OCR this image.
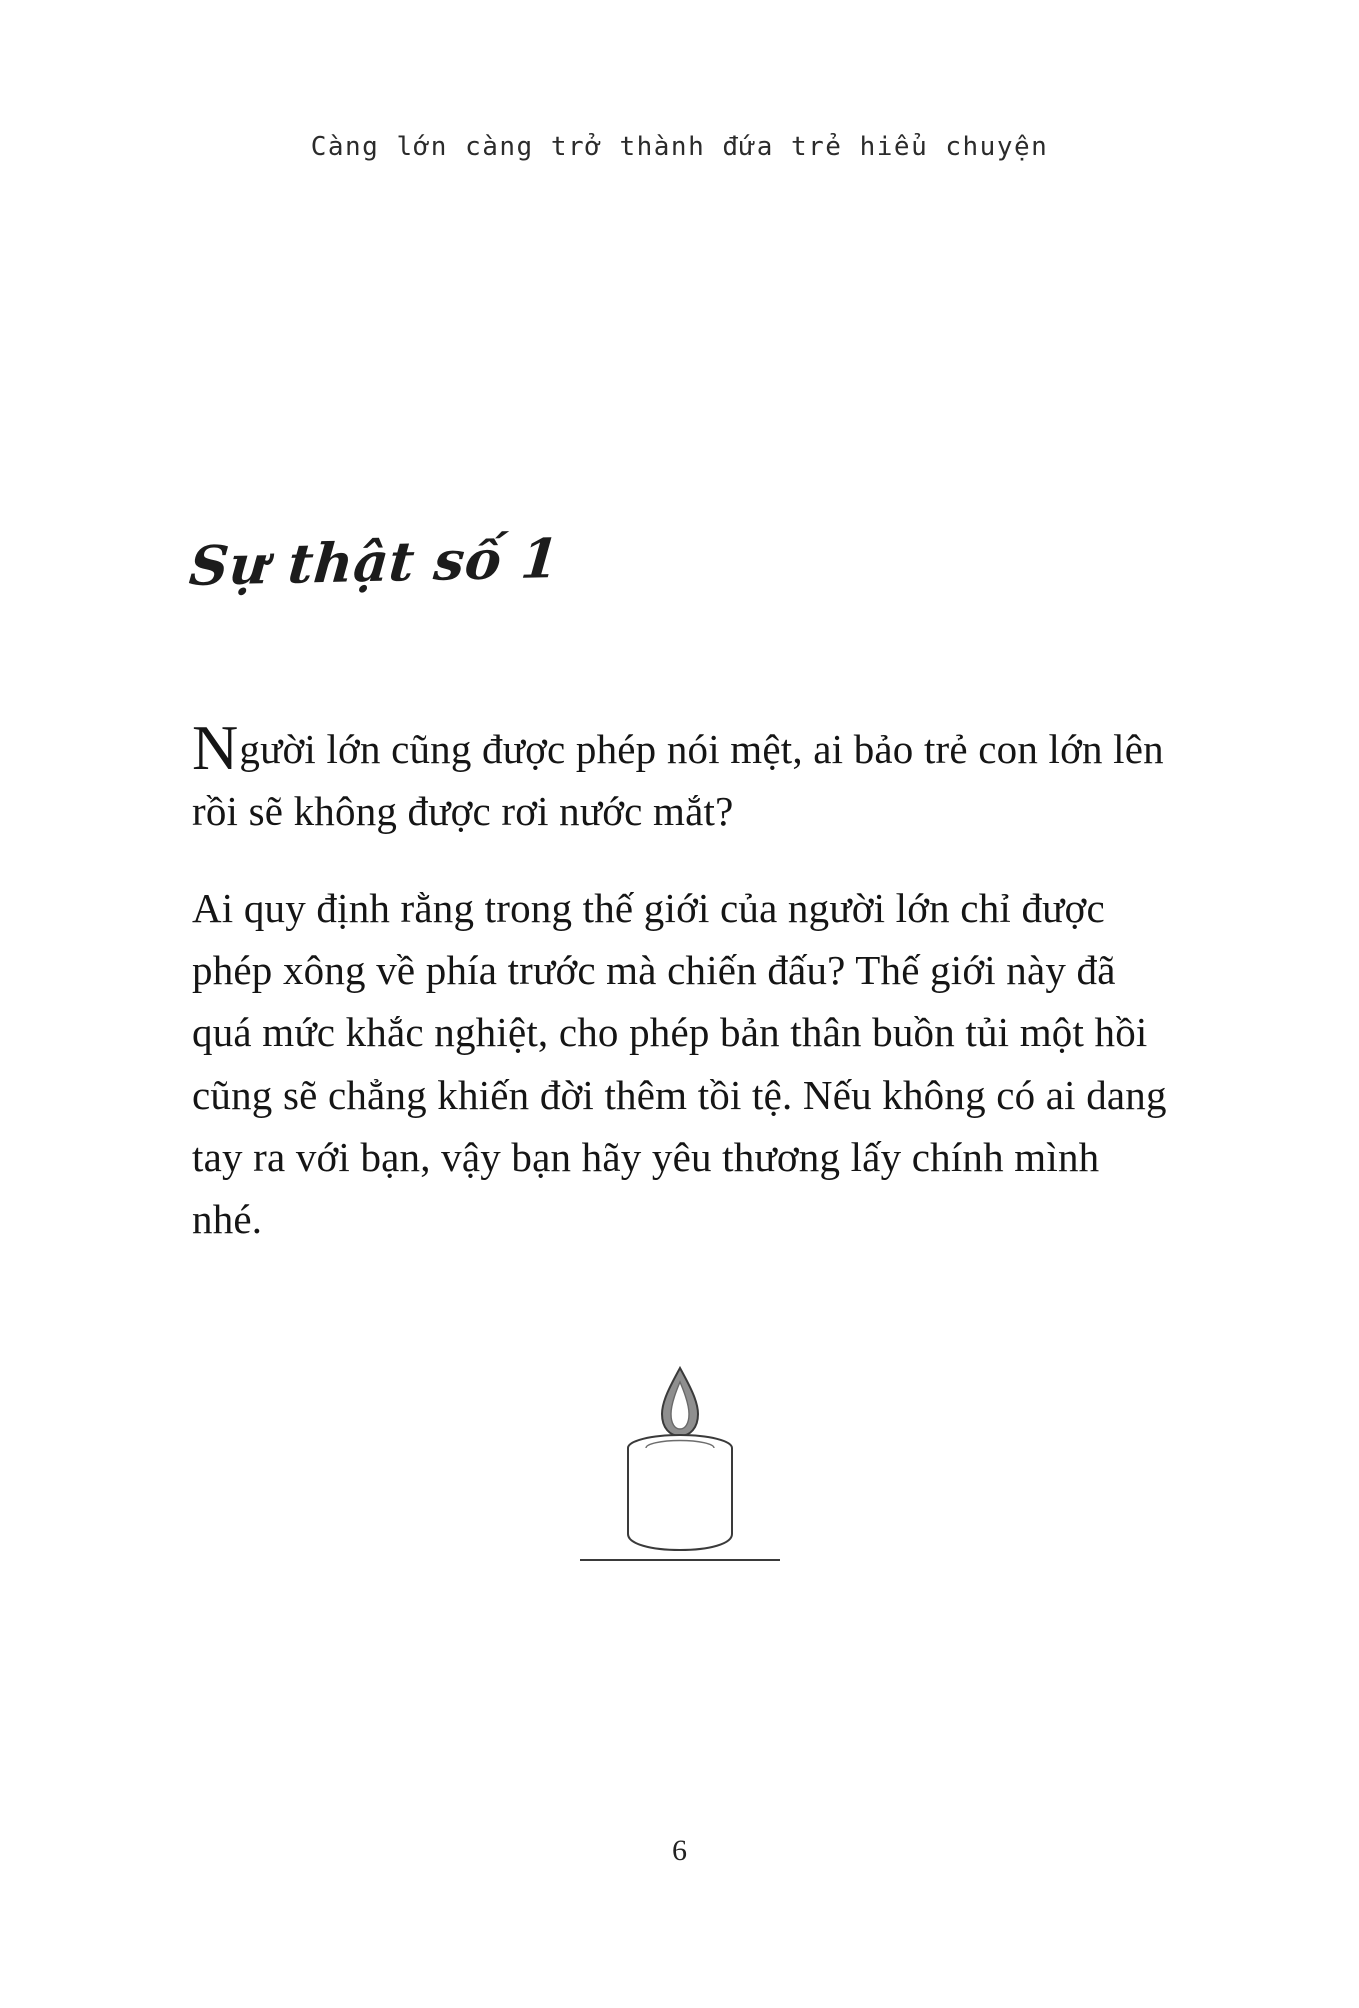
Càng lớn càng trở thành đứa trẻ hiểu chuyện
Sự thật số 1

Người lớn cũng được phép nói mệt, ai bảo trẻ con lớn lên rồi sẽ không được rơi nước mắt?

Ai quy định rằng trong thế giới của người lớn chỉ được phép xông về phía trước mà chiến đấu? Thế giới này đã quá mức khắc nghiệt, cho phép bản thân buồn tủi một hồi cũng sẽ chẳng khiến đời thêm tồi tệ. Nếu không có ai dang tay ra với bạn, vậy bạn hãy yêu thương lấy chính mình nhé.

6
